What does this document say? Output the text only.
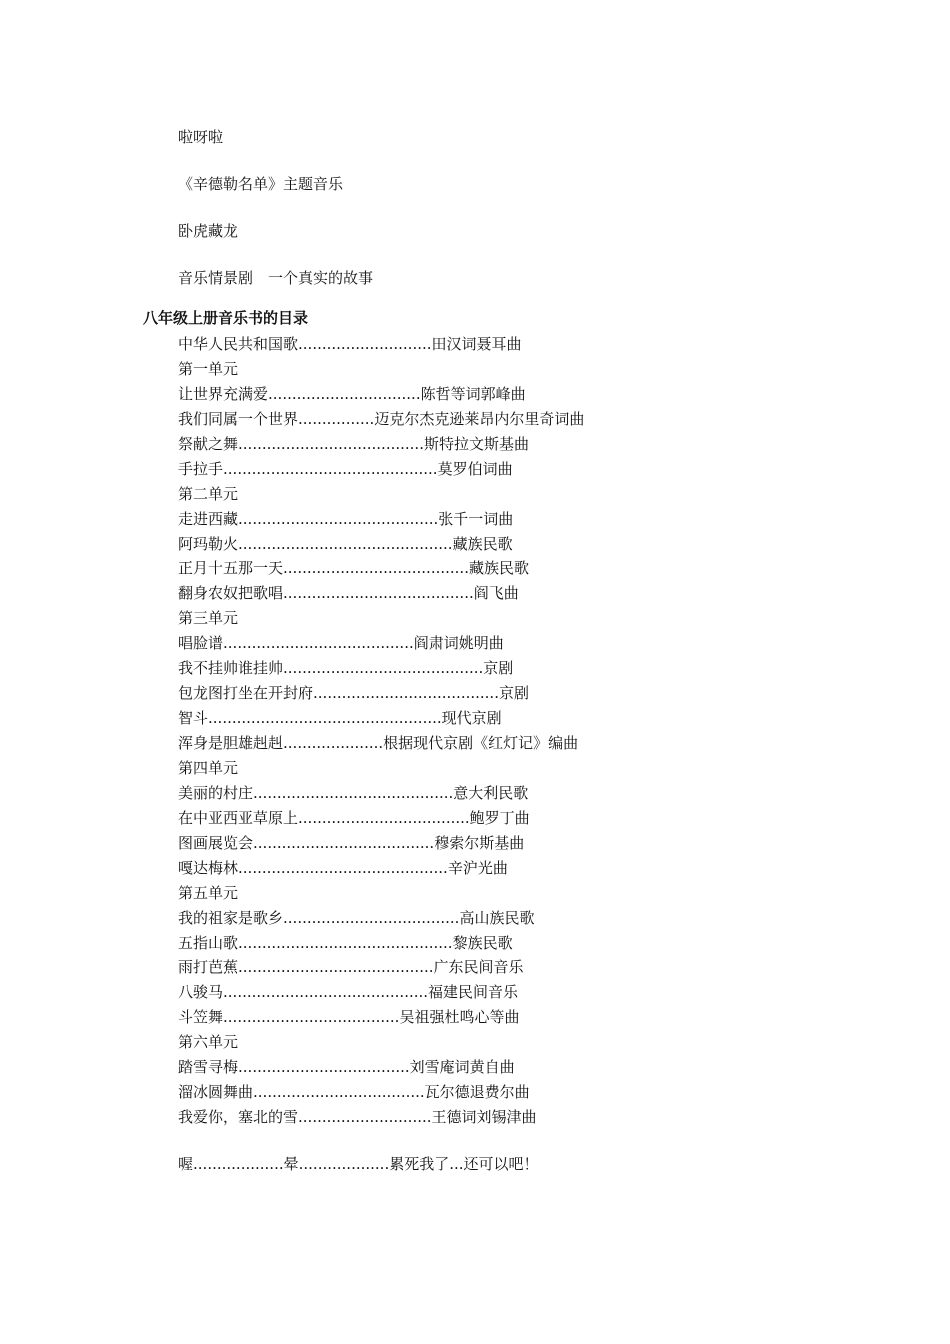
啦呀啦
《辛德勒名单》主题音乐
卧虎藏龙
音乐情景剧　一个真实的故事
八年级上册音乐书的目录
中华人民共和国歌............................田汉词聂耳曲
第一单元
让世界充满爱................................陈哲等词郭峰曲
我们同属一个世界................迈克尔杰克逊莱昂内尔里奇词曲
祭献之舞.......................................斯特拉文斯基曲
手拉手.............................................莫罗伯词曲
第二单元
走进西藏..........................................张千一词曲
阿玛勒火.............................................藏族民歌
正月十五那一天.......................................藏族民歌
翻身农奴把歌唱........................................阎飞曲
第三单元
唱脸谱........................................阎肃词姚明曲
我不挂帅谁挂帅..........................................京剧
包龙图打坐在开封府.......................................京剧
智斗.................................................现代京剧
浑身是胆雄赳赳.....................根据现代京剧《红灯记》编曲
第四单元
美丽的村庄..........................................意大利民歌
在中亚西亚草原上....................................鲍罗丁曲
图画展览会......................................穆索尔斯基曲
嘎达梅林............................................辛沪光曲
第五单元
我的祖家是歌乡.....................................高山族民歌
五指山歌.............................................黎族民歌
雨打芭蕉.........................................广东民间音乐
八骏马...........................................福建民间音乐
斗笠舞.....................................吴祖强杜鸣心等曲
第六单元
踏雪寻梅....................................刘雪庵词黄自曲
溜冰圆舞曲....................................瓦尔德退费尔曲
我爱你，塞北的雪............................王德词刘锡津曲
喔...................晕...................累死我了...还可以吧！
